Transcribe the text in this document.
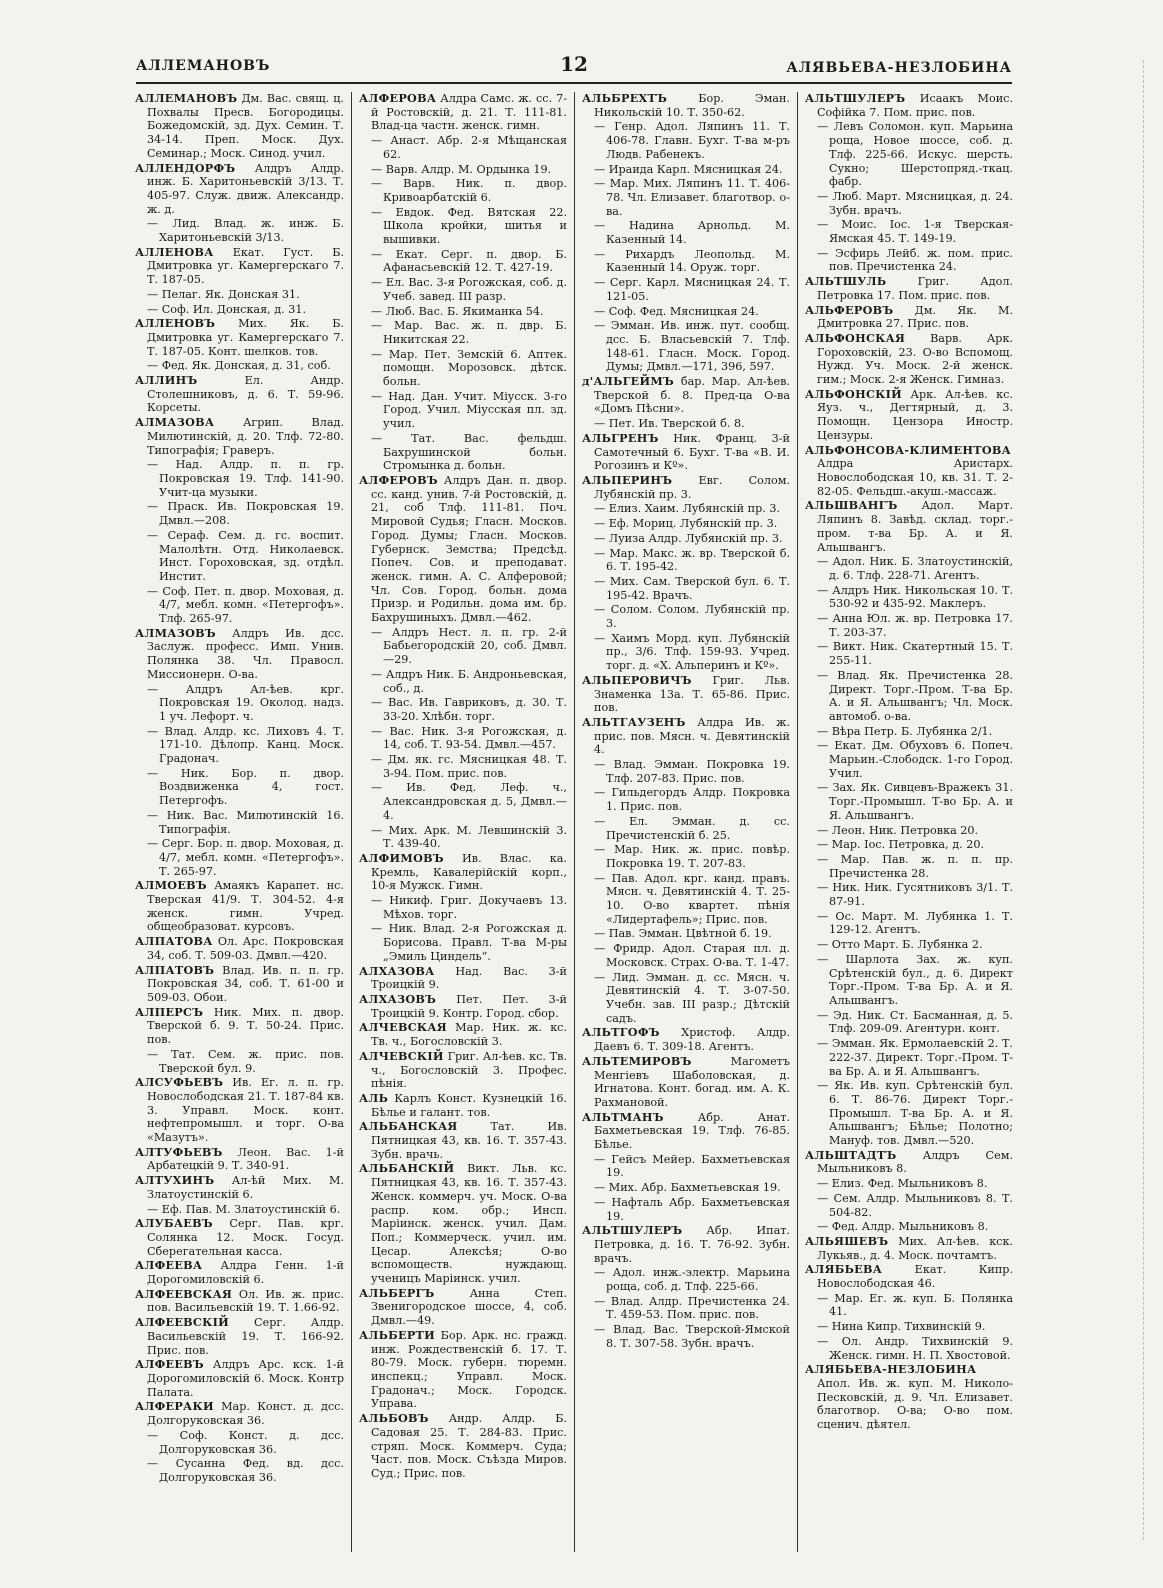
АЛЛЕМАНОВЪ	12	АЛЯВЬЕВА-НЕЗЛОБИНА

АЛЛЕМАНОВЪ Дм. Вас. свящ. ц. Похвалы Пресв. Богородицы. Божедомскій, зд. Дух. Семин. Т. 34-14. Преп. Моск. Дух. Семинар.; Моск. Синод. учил.

АЛЛЕНДОРФЪ Алдръ Алдр. инж. Б. Харитоньевскій 3/13. Т. 405-97. Служ. движ. Александр. ж. д.

— Лид. Влад. ж. инж. Б. Харитоньевскій 3/13.

АЛЛЕНОВА Екат. Густ. Б. Дмитровка уг. Камергерскаго 7. Т. 187-05.

— Пелаг. Як. Донская 31.

— Соф. Ил. Донская, д. 31.

АЛЛЕНОВЪ Мих. Як. Б. Дмитровка уг. Камергерскаго 7. Т. 187-05. Конт. шелков. тов.

— Фед. Як. Донская, д. 31, соб.

АЛЛИНЪ	Ел. Андр. Столешниковъ, д. 6. Т. 59-96. Корсеты.

АЛМАЗОВА	Агрип. Влад. Милютинскій, д. 20. Тлф. 72-80. Типографія; Граверъ.

— Над. Алдр. п. п. гр. Покровская 19. Тлф. 141-90. Учит-ца музыки.

— Праск. Ив. Покровская 19. Дмвл.—208.

— Сераф. Сем. д. гс. воспит. Малолѣтн. Отд. Николаевск. Инст. Гороховская, зд. отдѣл. Инстит.

— Соф. Пет. п. двор. Моховая, д. 4/7, мебл. комн. «Петергофъ». Тлф. 265-97.

АЛМАЗОВЪ Алдръ Ив. дсс. Заслуж. професс. Имп. Унив. Полянка 38. Чл. Правосл. Миссионерн. О-ва.

— Алдръ Ал-ѣев. крг. Покровская 19. Околод. надз. 1 уч. Лефорт. ч.

— Влад. Алдр. кс. Лиховъ 4. Т. 171-10. Дѣлопр. Канц. Моск. Градонач.

— Ник. Бор. п. двор. Воздвиженка 4, гост. Петергофъ.

— Ник. Вас. Милютинскій 16. Типографія.

— Серг. Бор. п. двор. Моховая, д. 4/7, мебл. комн. «Петергофъ». Т. 265-97.

АЛМОЕВЪ Амаякъ Карапет. нс. Тверская 41/9. Т. 304-52. 4-я женск. гимн. Учред. общеобразоват. курсовъ.

АЛПАТОВА Ол. Арс. Покровская 34, соб. Т. 509-03. Дмвл.—420.

АЛПАТОВЪ Влад. Ив. п. п. гр. Покровская 34, соб. Т. 61-00 и 509-03. Обои.

АЛПЕРСЪ Ник. Мих. п. двор. Тверской б. 9. Т. 50-24. Прис. пов.

— Тат. Сем. ж. прис. пов. Тверской бул. 9.

АЛСУФЬЕВЪ Ив. Ег. л. п. гр. Новослободская 21. Т. 187-84 кв. 3. Управл. Моск. конт. нефтепромышл. и торг. О-ва «Мазутъ».

АЛТУФЬЕВЪ Леон. Вас. 1-й Арбатецкій 9. Т. 340-91.

АЛТУХИНЪ Ал-ѣй Мих. М. Златоустинскій 6.

— Еф. Пав. М. Златоустинскій 6.

АЛУБАЕВЪ Серг. Пав. крг. Солянка 12. Моск. Госуд. Сберегательная касса.

АЛФЕЕВА Алдра Генн. 1-й Дорогомиловскій 6.

АЛФЕЕВСКАЯ Ол. Ив. ж. прис. пов. Васильевскій 19. Т. 1.66-92.

АЛФЕЕВСКІЙ Серг. Алдр. Васильевскій 19. Т. 166-92. Прис. пов.

АЛФЕЕВЪ Алдръ Арс. кск. 1-й Дорогомиловскій 6. Моск. Контр Палата.

АЛФЕРАКИ Мар. Конст. д. дсс. Долгоруковская 36.

— Соф. Конст. д. дсс. Долгоруковская 36.

— Сусанна Фед. вд. дсс. Долгоруковская 36.

АЛФЕРОВА Алдра Самс. ж. сс. 7-й Ростовскій, д. 21. Т. 111-81. Влад-ца частн. женск. гимн.

— Анаст. Абр. 2-я Мѣщанская 62.

— Варв. Алдр. М. Ордынка 19.

— Варв. Ник. п. двор. Кривоарбатскій 6.

— Евдок. Фед. Вятская 22. Школа кройки, шитья и вышивки.

— Екат. Серг. п. двор. Б. Афанасьевскій 12. Т. 427-19.

— Ел. Вас. 3-я Рогожская, соб. д. Учеб. завед. III разр.

— Люб. Вас. Б. Якиманка 54.

— Мар. Вас. ж. п. двр. Б. Никитская 22.

— Мар. Пет. Земскій 6. Аптек. помощн. Морозовск. дѣтск. больн.

— Над. Дан. Учит. Міусск. 3-го Город. Учил. Міусская пл. зд. учил.

— Тат. Вас. фельдш. Бахрушинской больн. Стромынка д. больн.

АЛФЕРОВЪ Алдръ Дан. п. двор. сс. канд. унив. 7-й Ростовскій, д. 21, соб Тлф. 111-81. Поч. Мировой Судья; Гласн. Москов. Город. Думы; Гласн. Москов. Губернск. Земства; Предсѣд. Попеч. Сов. и преподават. женск. гимн. А. С. Алферовой; Чл. Сов. Город. больн. дома Призр. и Родильн. дома им. бр. Бахрушиныхъ. Дмвл.—462.

— Алдръ Нест. л. п. гр. 2-й Бабьегородскій 20, соб. Дмвл.—29.

— Алдръ Ник. Б. Андроньевская, соб., д.

— Вас. Ив. Гавриковъ, д. 30. Т. 33-20. Хлѣбн. торг.

— Вас. Ник. 3-я Рогожская, д. 14, соб. Т. 93-54. Дмвл.—457.

— Дм. як. гс. Мясницкая 48. Т. 3-94. Пом. прис. пов.

— Ив. Фед. Леф. ч., Александровская д. 5, Дмвл.—4.

— Мих. Арк. М. Левшинскій 3. Т. 439-40.

АЛФИМОВЪ Ив. Влас. ка. Кремль, Кавалерійскій корп., 10-я Мужск. Гимн.

— Никиф. Григ. Докучаевъ 13. Мѣхов. торг.

— Ник. Влад. 2-я Рогожская д. Борисова. Правл. Т-ва М-ры „Эмиль Циндель“.

АЛХАЗОВА Над. Вас. 3-й Троицкій 9.

АЛХАЗОВЪ Пет. Пет. 3-й Троицкій 9. Контр. Город. сбор.

АЛЧЕВСКАЯ Мар. Ник. ж. кс. Тв. ч., Богословскій 3.

АЛЧЕВСКІЙ Григ. Ал-ѣев. кс. Тв. ч., Богословскій 3. Профес. пѣнія.

АЛЬ Карлъ Конст. Кузнецкій 16. Бѣлье и галант. тов.

АЛЬБАНСКАЯ	Тат. Ив. Пятницкая 43, кв. 16. Т. 357-43. Зубн. врачь.

АЛЬБАНСКІЙ Викт. Льв. кс. Пятницкая 43, кв. 16. Т. 357-43. Женск. коммерч. уч. Моск. О-ва распр. ком. обр.; Инсп. Маріинск. женск. учил. Дам. Поп.; Коммерческ. учил. им. Цесар. Алексѣя; О-во вспомоществ. нуждающ. ученицъ Маріинск. учил.

АЛЬБЕРГЪ	Анна Степ. Звенигородское шоссе, 4, соб. Дмвл.—49.

АЛЬБЕРТИ Бор. Арк. нс. гражд. инж. Рождественскій б. 17. Т. 80-79. Моск. губерн. тюремн. инспекц.; Управл. Моск. Градонач.; Моск. Городск. Управа.

АЛЬБОВЪ Андр. Алдр. Б. Садовая 25. Т. 284-83. Прис. стряп. Моск. Коммерч. Суда; Част. пов. Моск. Съѣзда Миров. Суд.; Прис. пов.

АЛЬБРЕХТЪ	Бор. Эман. Никольскій 10. Т. 350-62.

— Генр. Адол. Ляпинъ 11. Т. 406-78. Главн. Бухг. Т-ва м-ръ Людв. Рабенекъ.

— Ираида Карл. Мясницкая 24.

— Мар. Мих. Ляпинъ 11. Т. 406-78. Чл. Елизавет. благотвор. о-ва.

— Надина Арнольд. М. Казенный 14.

— Рихардъ Леопольд. М. Казенный 14. Оруж. торг.

— Серг. Карл. Мясницкая 24. Т. 121-05.

— Соф. Фед. Мясницкая 24.

— Эмман. Ив. инж. пут. сообщ. дсс. Б. Власьевскій 7. Тлф. 148-61. Гласн. Моск. Город. Думы; Дмвл.—171, 396, 597.

д'АЛЬГЕЙМЪ бар. Мар. Ал-ѣев. Тверской б. 8. Пред-ца О-ва «Домъ Пѣсни».

— Пет. Ив. Тверской б. 8.

АЛЬГРЕНЪ Ник. Франц. 3-й Самотечный 6. Бухг. Т-ва «В. И. Рогозинъ и Кº».

АЛЬПЕРИНЪ Евг. Солом. Лубянскій пр. 3.

— Елиз. Хаим. Лубянскій пр. 3.

— Еф. Мориц. Лубянскій пр. 3.

— Луиза Алдр. Лубянскій пр. 3.

— Мар. Макс. ж. вр. Тверской б. 6. Т. 195-42.

— Мих. Сам. Тверской бул. 6. Т. 195-42. Врачъ.

— Солом. Солом. Лубянскій пр. 3.

— Хаимъ Морд. куп. Лубянскій пр., 3/6. Тлф. 159-93. Учред. торг. д. «Х. Альперинъ и Кº».

АЛЬПЕРОВИЧЪ Григ. Льв. Знаменка 13а. Т. 65-86. Прис. пов.

АЛЬТГАУЗЕНЪ Алдра Ив. ж. прис. пов. Мясн. ч. Девятинскій 4.

— Влад. Эмман. Покровка 19. Тлф. 207-83. Прис. пов.

— Гильдегордъ Алдр. Покровка 1. Прис. пов.

— Ел. Эмман. д. сс. Пречистенскій б. 25.

— Мар. Ник. ж. прис. повѣр. Покровка 19. Т. 207-83.

— Пав. Адол. крг. канд. правъ. Мясн. ч. Девятинскій 4. Т. 25-10. О-во квартет. пѣнія «Лидертафель»; Прис. пов.

— Пав. Эмман. Цвѣтной б. 19.

— Фридр. Адол. Старая пл. д. Московск. Страх. О-ва. Т. 1-47.

— Лид. Эмман. д. сс. Мясн. ч. Девятинскій 4. Т. 3-07-50. Учебн. зав. III разр.; Дѣтскій садъ.

АЛЬТГОФЪ Христоф. Алдр. Даевъ 6. Т. 309-18. Агентъ.

АЛЬТЕМИРОВЪ	Магометъ Менгіевъ Шаболовская, д. Игнатова. Конт. богад. им. А. К. Рахмановой.

АЛЬТМАНЪ	Абр. Анат. Бахметьевская 19. Тлф. 76-85. Бѣлье.

— Гейсъ Мейер. Бахметьевская 19.

— Мих. Абр. Бахметьевская 19.

— Нафталь Абр. Бахметьевская 19.

АЛЬТШУЛЕРЪ Абр. Ипат. Петровка, д. 16. Т. 76-92. Зубн. врачъ.

— Адол. инж.-электр. Марьина роща, соб. д. Тлф. 225-66.

— Влад. Алдр. Пречистенка 24. Т. 459-53. Пом. прис. пов.

— Влад. Вас. Тверской-Ямской 8. Т. 307-58. Зубн. врачъ.

АЛЬТШУЛЕРЪ Исаакъ Моис. Софійка 7. Пом. прис. пов.

— Левъ Соломон. куп. Марьина роща, Новое шоссе, соб. д. Тлф. 225-66. Искус. шерсть. Сукно; Шерстопряд.-ткац. фабр.

— Люб. Март. Мясницкая, д. 24. Зубн. врачъ.

— Моис. Іос. 1-я Тверская-Ямская 45. Т. 149-19.

— Эсфирь Лейб. ж. пом. прис. пов. Пречистенка 24.

АЛЬТШУЛЬ	Григ. Адол. Петровка 17. Пом. прис. пов.

АЛЬФЕРОВЪ Дм. Як. М. Дмитровка 27. Прис. пов.

АЛЬФОНСКАЯ Варв. Арк. Гороховскій, 23. О-во Вспомощ. Нужд. Уч. Моск. 2-й женск. гим.; Моск. 2-я Женск. Гимназ.

АЛЬФОНСКІЙ Арк. Ал-ѣев. кс. Яуз. ч., Дегтярный, д. 3. Помощн. Цензора Иностр. Цензуры.

АЛЬФОНСОВА-КЛИМЕНТОВА Алдра Аристарх. Новослободская 10, кв. 31. Т. 2-82-05. Фельдш.-акуш.-массаж.

АЛЬШВАНГЪ Адол. Март. Ляпинъ 8. Завѣд. склад. торг.-пром. т-ва Бр. А. и Я. Альшвангъ.

— Адол. Ник. Б. Златоустинскій, д. 6. Тлф. 228-71. Агентъ.

— Алдръ Ник. Никольская 10. Т. 530-92 и 435-92. Маклеръ.

— Анна Юл. ж. вр. Петровка 17. Т. 203-37.

— Викт. Ник. Скатертный 15. Т. 255-11.

— Влад. Як. Пречистенка 28. Директ. Торг.-Пром. Т-ва Бр. А. и Я. Альшвангъ; Чл. Моск. автомоб. о-ва.

— Вѣра Петр. Б. Лубянка 2/1.

— Екат. Дм. Обуховъ 6. Попеч. Марьин.-Слободск. 1-го Город. Учил.

— Зах. Як. Сивцевъ-Вражекъ 31. Торг.-Промышл. Т-во Бр. А. и Я. Альшвангъ.

— Леон. Ник. Петровка 20.

— Мар. Іос. Петровка, д. 20.

— Мар. Пав. ж. п. п. пр. Пречистенка 28.

— Ник. Ник. Гусятниковъ 3/1. Т. 87-91.

— Ос. Март. М. Лубянка 1. Т. 129-12. Агентъ.

— Отто Март. Б. Лубянка 2.

— Шарлота Зах. ж. куп. Срѣтенскій бул., д. 6. Директ Торг.-Пром. Т-ва Бр. А. и Я. Альшвангъ.

— Эд. Ник. Ст. Басманная, д. 5. Тлф. 209-09. Агентурн. конт.

— Эмман. Як. Ермолаевскій 2. Т. 222-37. Директ. Торг.-Пром. Т-ва Бр. А. и Я. Альшвангъ.

— Як. Ив. куп. Срѣтенскій бул. 6. Т. 86-76. Директ Торг.-Промышл. Т-ва Бр. А. и Я. Альшвангъ; Бѣлье; Полотно; Мануф. тов. Дмвл.—520.

АЛЬШТАДТЪ Алдръ Сем. Мыльниковъ 8.

— Елиз. Фед. Мыльниковъ 8.

— Сем. Алдр. Мыльниковъ 8. Т. 504-82.

— Фед. Алдр. Мыльниковъ 8.

АЛЬЯШЕВЪ Мих. Ал-ѣев. кск. Лукьяв., д. 4. Моск. почтамтъ.

АЛЯБЬЕВА	Екат. Кипр. Новослободская 46.

— Мар. Ег. ж. куп. Б. Полянка 41.

— Нина Кипр. Тихвинскій 9.

— Ол. Андр. Тихвинскій 9. Женск. гимн. Н. П. Хвостовой.

АЛЯБЬЕВА-НЕЗЛОБИНА Апол. Ив. ж. куп. М. Николо-Песковскій, д. 9. Чл. Елизавет. благотвор. О-ва; О-во пом. сценич. дѣятел.
